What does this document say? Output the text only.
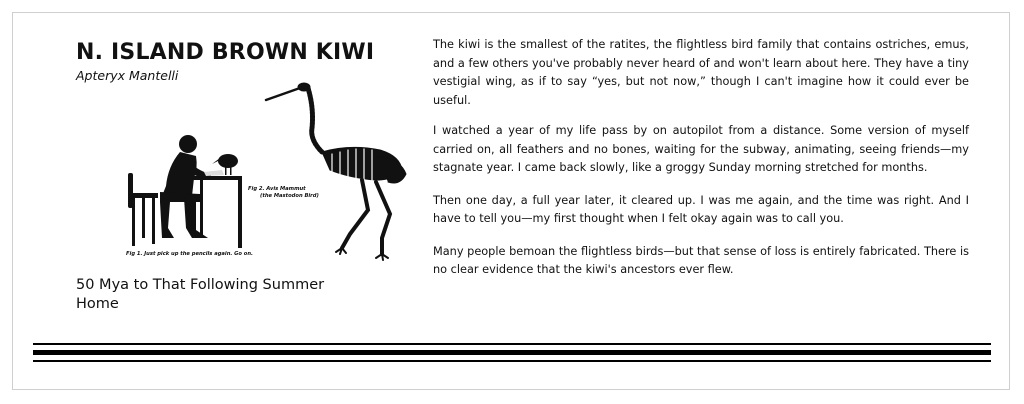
N. ISLAND BROWN KIWI
Apteryx Mantelli
Fig 1. Just pick up the pencils again. Go on.
Fig 2. Avis Mammut
(the Mastodon Bird)
50 Mya to That Following Summer Home

The kiwi is the smallest of the ratites, the flightless bird family that contains ostriches, emus, and a few others you've probably never heard of and won't learn about here. They have a tiny vestigial wing, as if to say “yes, but not now,” though I can't imagine how it could ever be useful.

I watched a year of my life pass by on autopilot from a distance. Some version of myself carried on, all feathers and no bones, waiting for the subway, animating, seeing friends—my stagnate year. I came back slowly, like a groggy Sunday morning stretched for months.

Then one day, a full year later, it cleared up. I was me again, and the time was right. And I have to tell you—my first thought when I felt okay again was to call you.

Many people bemoan the flightless birds—but that sense of loss is entirely fabricated. There is no clear evidence that the kiwi's ancestors ever flew.
